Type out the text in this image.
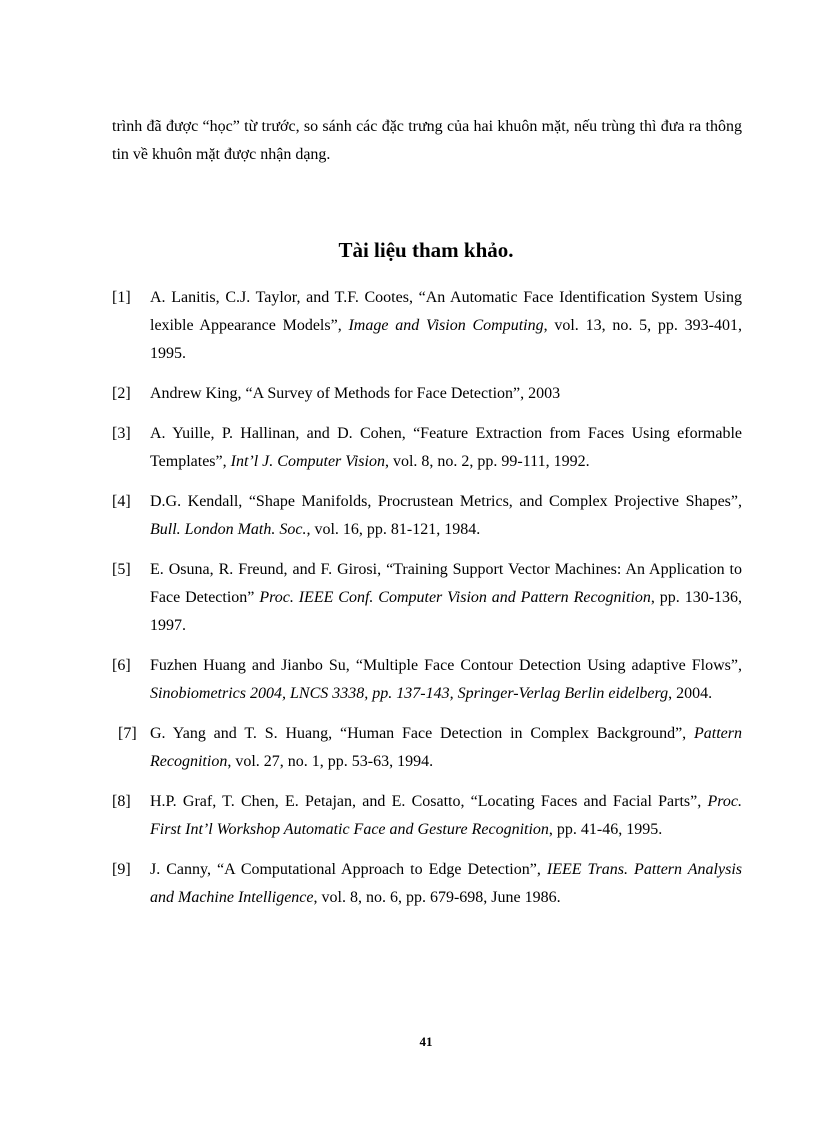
trình đã được “học” từ trước, so sánh các đặc trưng của hai khuôn mặt, nếu trùng thì đưa ra thông tin về khuôn mặt được nhận dạng.

Tài liệu tham khảo.
[1] A. Lanitis, C.J. Taylor, and T.F. Cootes, “An Automatic Face Identification System Using lexible Appearance Models”, Image and Vision Computing, vol. 13, no. 5, pp. 393-401, 1995.
[2] Andrew King, “A Survey of Methods for Face Detection”, 2003
[3] A. Yuille, P. Hallinan, and D. Cohen, “Feature Extraction from Faces Using eformable Templates”, Int’l J. Computer Vision, vol. 8, no. 2, pp. 99-111, 1992.
[4] D.G. Kendall, “Shape Manifolds, Procrustean Metrics, and Complex Projective Shapes”, Bull. London Math. Soc., vol. 16, pp. 81-121, 1984.
[5] E. Osuna, R. Freund, and F. Girosi, “Training Support Vector Machines: An Application to Face Detection” Proc. IEEE Conf. Computer Vision and Pattern Recognition, pp. 130-136, 1997.
[6] Fuzhen Huang and Jianbo Su, “Multiple Face Contour Detection Using adaptive Flows”, Sinobiometrics 2004, LNCS 3338, pp. 137-143, Springer-Verlag Berlin eidelberg, 2004.
[7] G. Yang and T. S. Huang, “Human Face Detection in Complex Background”, Pattern Recognition, vol. 27, no. 1, pp. 53-63, 1994.
[8] H.P. Graf, T. Chen, E. Petajan, and E. Cosatto, “Locating Faces and Facial Parts”, Proc. First Int’l Workshop Automatic Face and Gesture Recognition, pp. 41-46, 1995.
[9] J. Canny, “A Computational Approach to Edge Detection”, IEEE Trans. Pattern Analysis and Machine Intelligence, vol. 8, no. 6, pp. 679-698, June 1986.
41
